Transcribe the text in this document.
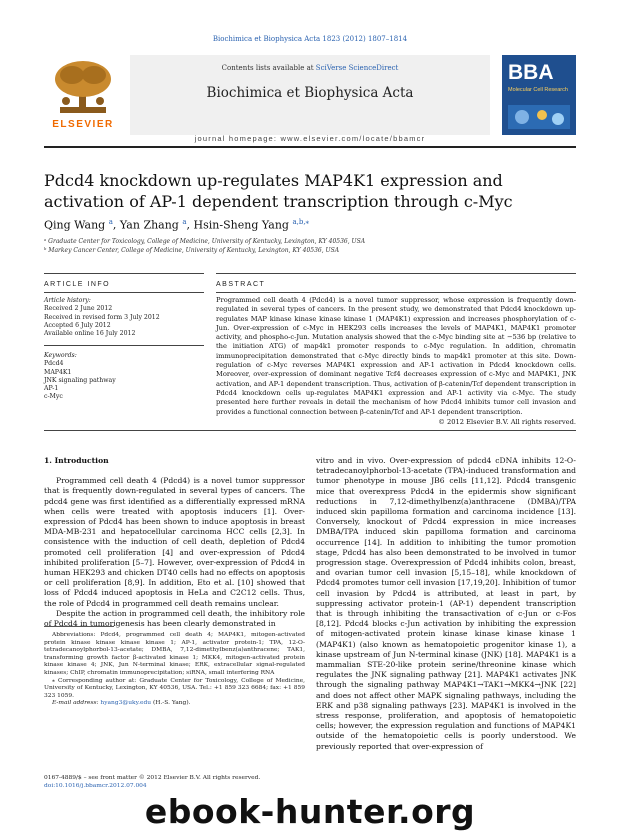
Biochimica et Biophysica Acta 1823 (2012) 1807–1814
ELSEVIER
Contents lists available at SciVerse ScienceDirect
Biochimica et Biophysica Acta
BBA
Molecular Cell Research
journal homepage: www.elsevier.com/locate/bbamcr
Pdcd4 knockdown up-regulates MAP4K1 expression and activation of AP-1 dependent transcription through c-Myc
Qing Wang $^a$, Yan Zhang $^a$, Hsin-Sheng Yang $^{a,b,⁎}$
ᵃ Graduate Center for Toxicology, College of Medicine, University of Kentucky, Lexington, KY 40536, USA
ᵇ Markey Cancer Center, College of Medicine, University of Kentucky, Lexington, KY 40536, USA
ARTICLE INFO	ABSTRACT
Article history:
Received 2 June 2012
Received in revised form 3 July 2012
Accepted 6 July 2012
Available online 16 July 2012
Keywords:
Pdcd4
MAP4K1
JNK signaling pathway
AP-1
c-Myc
Programmed cell death 4 (Pdcd4) is a novel tumor suppressor, whose expression is frequently down-regulated in several types of cancers. In the present study, we demonstrated that Pdcd4 knockdown up-regulates MAP kinase kinase kinase kinase 1 (MAP4K1) expression and increases phosphorylation of c-Jun. Over-expression of c-Myc in HEK293 cells increases the levels of MAP4K1, MAP4K1 promoter activity, and phospho-c-Jun. Mutation analysis showed that the c-Myc binding site at −536 bp (relative to the initiation ATG) of map4k1 promoter responds to c-Myc regulation. In addition, chromatin immunoprecipitation demonstrated that c-Myc directly binds to map4k1 promoter at this site. Down-regulation of c-Myc reverses MAP4K1 expression and AP-1 activation in Pdcd4 knockdown cells. Moreover, over-expression of dominant negative Tcf4 decreases expression of c-Myc and MAP4K1, JNK activation, and AP-1 dependent transcription. Thus, activation of β-catenin/Tcf dependent transcription in Pdcd4 knockdown cells up-regulates MAP4K1 expression and AP-1 activity via c-Myc. The study presented here further reveals in detail the mechanism of how Pdcd4 inhibits tumor cell invasion and provides a functional connection between β-catenin/Tcf and AP-1 dependent transcription.
© 2012 Elsevier B.V. All rights reserved.
1. Introduction
Programmed cell death 4 (Pdcd4) is a novel tumor suppressor that is frequently down-regulated in several types of cancers. The pdcd4 gene was first identified as a differentially expressed mRNA when cells were treated with apoptosis inducers [1]. Over-expression of Pdcd4 has been shown to induce apoptosis in breast MDA-MB-231 and hepatocellular carcinoma HCC cells [2,3]. In consistence with the induction of cell death, depletion of Pdcd4 promoted cell proliferation [4] and over-expression of Pdcd4 inhibited proliferation [5–7]. However, over-expression of Pdcd4 in human HEK293 and chicken DT40 cells had no effects on apoptosis or cell proliferation [8,9]. In addition, Eto et al. [10] showed that loss of Pdcd4 induced apoptosis in HeLa and C2C12 cells. Thus, the role of Pdcd4 in programmed cell death remains unclear.
Despite the action in programmed cell death, the inhibitory role of Pdcd4 in tumorigenesis has been clearly demonstrated in
vitro and in vivo. Over-expression of pdcd4 cDNA inhibits 12-O-tetradecanoylphorbol-13-acetate (TPA)-induced transformation and tumor phenotype in mouse JB6 cells [11,12]. Pdcd4 transgenic mice that overexpress Pdcd4 in the epidermis show significant reductions in 7,12-dimethylbenz(a)anthracene (DMBA)/TPA induced skin papilloma formation and carcinoma incidence [13]. Conversely, knockout of Pdcd4 expression in mice increases DMBA/TPA induced skin papilloma formation and carcinoma occurrence [14]. In addition to inhibiting the tumor promotion stage, Pdcd4 has also been demonstrated to be involved in tumor progression stage. Overexpression of Pdcd4 inhibits colon, breast, and ovarian tumor cell invasion [5,15–18], while knockdown of Pdcd4 promotes tumor cell invasion [17,19,20]. Inhibition of tumor cell invasion by Pdcd4 is attributed, at least in part, by suppressing activator protein-1 (AP-1) dependent transcription that is through inhibiting the transactivation of c-Jun or c-Fos [8,12]. Pdcd4 blocks c-Jun activation by inhibiting the expression of mitogen-activated protein kinase kinase kinase kinase 1 (MAP4K1) (also known as hematopoietic progenitor kinase 1), a kinase upstream of Jun N-terminal kinase (JNK) [18]. MAP4K1 is a mammalian STE-20-like protein serine/threonine kinase which regulates the JNK signaling pathway [21]. MAP4K1 activates JNK through the signaling pathway MAP4K1→TAK1→MKK4→JNK [22] and does not affect other MAPK signaling pathways, including the ERK and p38 signaling pathways [23]. MAP4K1 is involved in the stress response, proliferation, and apoptosis of hematopoietic cells; however, the expression regulation and functions of MAP4K1 outside of the hematopoietic cells is poorly understood. We previously reported that over-expression of
Abbreviations: Pdcd4, programmed cell death 4; MAP4K1, mitogen-activated protein kinase kinase kinase kinase 1; AP-1, activator protein-1; TPA, 12-O-tetradecanoylphorbol-13-acetate; DMBA, 7,12-dimethylbenz(a)anthracene; TAK1, transforming growth factor β-activated kinase 1; MKK4, mitogen-activated protein kinase kinase 4; JNK, Jun N-terminal kinase; ERK, extracellular signal-regulated kinases; ChIP, chromatin immunoprecipitation; siRNA, small interfering RNA
⁎ Corresponding author at: Graduate Center for Toxicology, College of Medicine, University of Kentucky, Lexington, KY 40536, USA. Tel.: +1 859 323 6684; fax: +1 859 323 1059.
E-mail address: hyang3@uky.edu (H.-S. Yang).
0167-4889/$ – see front matter © 2012 Elsevier B.V. All rights reserved.
doi:10.1016/j.bbamcr.2012.07.004
ebook-hunter.org
